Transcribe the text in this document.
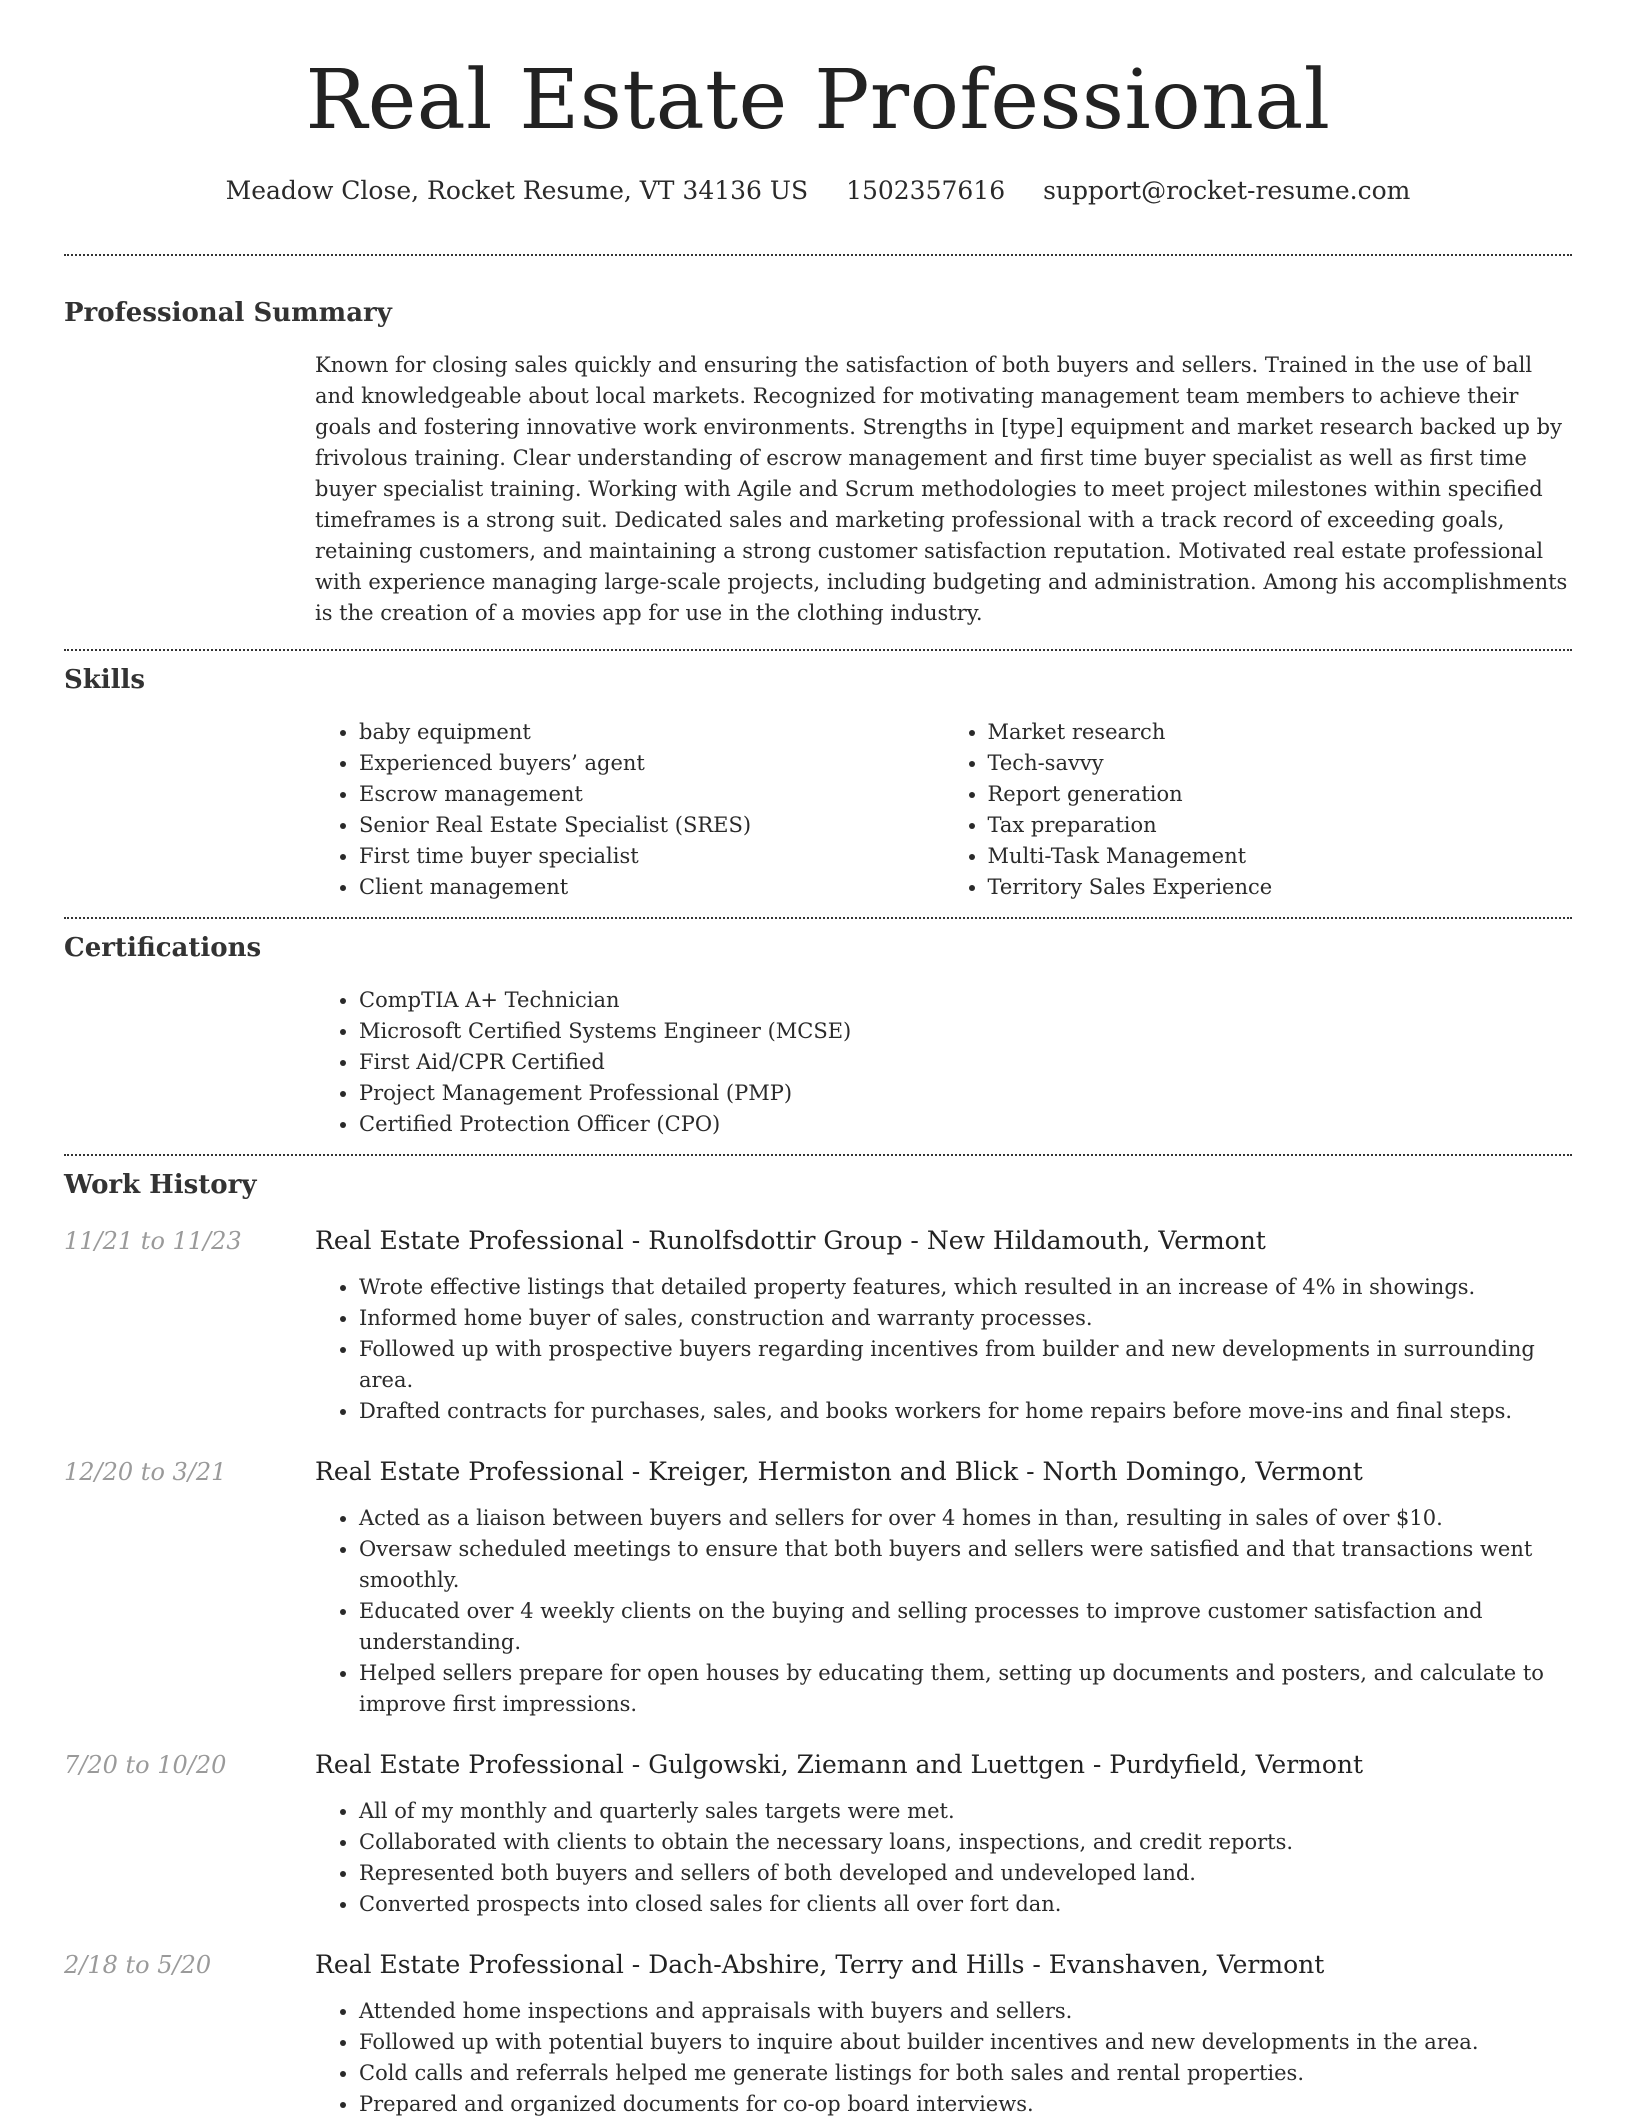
Real Estate Professional
Meadow Close, Rocket Resume, VT 34136 US 1502357616 support@rocket-resume.com
Professional Summary

Known for closing sales quickly and ensuring the satisfaction of both buyers and sellers. Trained in the use of ball and knowledgeable about local markets. Recognized for motivating management team members to achieve their goals and fostering innovative work environments. Strengths in [type] equipment and market research backed up by frivolous training. Clear understanding of escrow management and first time buyer specialist as well as first time buyer specialist training. Working with Agile and Scrum methodologies to meet project milestones within specified timeframes is a strong suit. Dedicated sales and marketing professional with a track record of exceeding goals, retaining customers, and maintaining a strong customer satisfaction reputation. Motivated real estate professional with experience managing large-scale projects, including budgeting and administration. Among his accomplishments is the creation of a movies app for use in the clothing industry.

Skills
• baby equipment
• Experienced buyers’ agent
• Escrow management
• Senior Real Estate Specialist (SRES)
• First time buyer specialist
• Client management
• Market research
• Tech-savvy
• Report generation
• Tax preparation
• Multi-Task Management
• Territory Sales Experience
Certifications
• CompTIA A+ Technician
• Microsoft Certified Systems Engineer (MCSE)
• First Aid/CPR Certified
• Project Management Professional (PMP)
• Certified Protection Officer (CPO)
Work History
11/21 to 11/23	Real Estate Professional - Runolfsdottir Group - New Hildamouth, Vermont
• Wrote effective listings that detailed property features, which resulted in an increase of 4% in showings.
• Informed home buyer of sales, construction and warranty processes.
• Followed up with prospective buyers regarding incentives from builder and new developments in surrounding area.
• Drafted contracts for purchases, sales, and books workers for home repairs before move-ins and final steps.
12/20 to 3/21	Real Estate Professional - Kreiger, Hermiston and Blick - North Domingo, Vermont
• Acted as a liaison between buyers and sellers for over 4 homes in than, resulting in sales of over $10.
• Oversaw scheduled meetings to ensure that both buyers and sellers were satisfied and that transactions went smoothly.
• Educated over 4 weekly clients on the buying and selling processes to improve customer satisfaction and understanding.
• Helped sellers prepare for open houses by educating them, setting up documents and posters, and calculate to improve first impressions.
7/20 to 10/20	Real Estate Professional - Gulgowski, Ziemann and Luettgen - Purdyfield, Vermont
• All of my monthly and quarterly sales targets were met.
• Collaborated with clients to obtain the necessary loans, inspections, and credit reports.
• Represented both buyers and sellers of both developed and undeveloped land.
• Converted prospects into closed sales for clients all over fort dan.
2/18 to 5/20	Real Estate Professional - Dach-Abshire, Terry and Hills - Evanshaven, Vermont
• Attended home inspections and appraisals with buyers and sellers.
• Followed up with potential buyers to inquire about builder incentives and new developments in the area.
• Cold calls and referrals helped me generate listings for both sales and rental properties.
• Prepared and organized documents for co-op board interviews.
